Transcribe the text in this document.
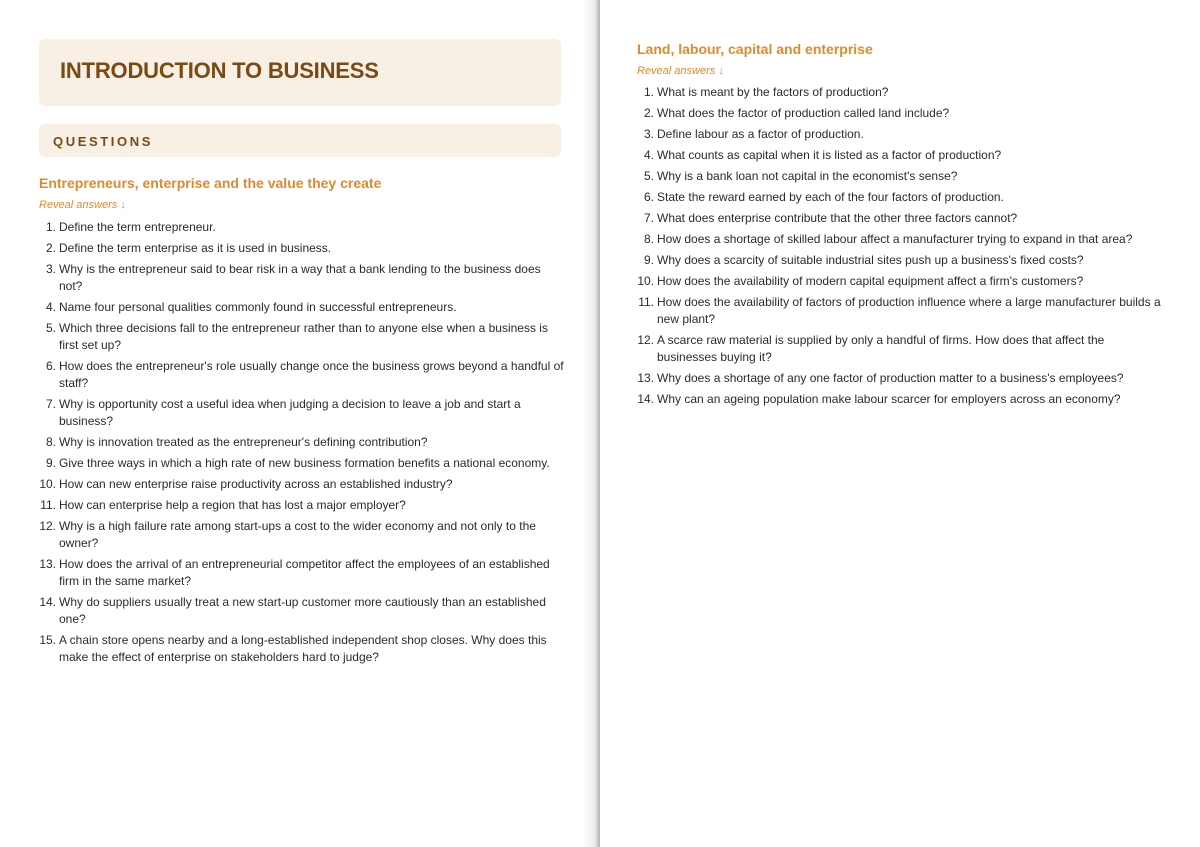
INTRODUCTION TO BUSINESS
QUESTIONS
Entrepreneurs, enterprise and the value they create
Reveal answers ↓
1. Define the term entrepreneur.
2. Define the term enterprise as it is used in business.
3. Why is the entrepreneur said to bear risk in a way that a bank lending to the business does not?
4. Name four personal qualities commonly found in successful entrepreneurs.
5. Which three decisions fall to the entrepreneur rather than to anyone else when a business is first set up?
6. How does the entrepreneur's role usually change once the business grows beyond a handful of staff?
7. Why is opportunity cost a useful idea when judging a decision to leave a job and start a business?
8. Why is innovation treated as the entrepreneur's defining contribution?
9. Give three ways in which a high rate of new business formation benefits a national economy.
10. How can new enterprise raise productivity across an established industry?
11. How can enterprise help a region that has lost a major employer?
12. Why is a high failure rate among start-ups a cost to the wider economy and not only to the owner?
13. How does the arrival of an entrepreneurial competitor affect the employees of an established firm in the same market?
14. Why do suppliers usually treat a new start-up customer more cautiously than an established one?
15. A chain store opens nearby and a long-established independent shop closes. Why does this make the effect of enterprise on stakeholders hard to judge?
Land, labour, capital and enterprise
Reveal answers ↓
1. What is meant by the factors of production?
2. What does the factor of production called land include?
3. Define labour as a factor of production.
4. What counts as capital when it is listed as a factor of production?
5. Why is a bank loan not capital in the economist's sense?
6. State the reward earned by each of the four factors of production.
7. What does enterprise contribute that the other three factors cannot?
8. How does a shortage of skilled labour affect a manufacturer trying to expand in that area?
9. Why does a scarcity of suitable industrial sites push up a business's fixed costs?
10. How does the availability of modern capital equipment affect a firm's customers?
11. How does the availability of factors of production influence where a large manufacturer builds a new plant?
12. A scarce raw material is supplied by only a handful of firms. How does that affect the businesses buying it?
13. Why does a shortage of any one factor of production matter to a business's employees?
14. Why can an ageing population make labour scarcer for employers across an economy?
